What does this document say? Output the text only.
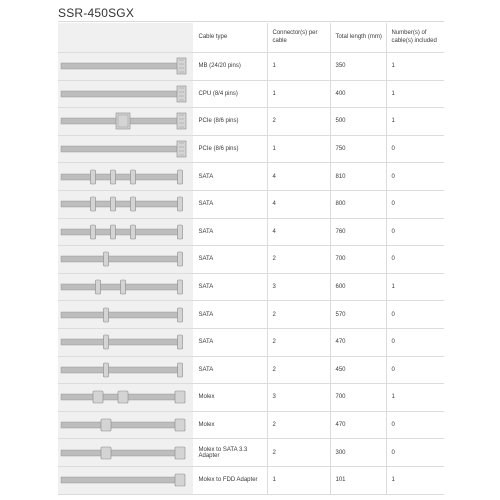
SSR-450SGX
	Cable type	Connector(s) per cable	Total length (mm)	Number(s) of cable(s) included

	MB (24/20 pins)	1	350	1

	CPU (8/4 pins)	1	400	1

	PCIe (8/6 pins)	2	500	1

	PCIe (8/6 pins)	1	750	0

	SATA	4	810	0

	SATA	4	800	0

	SATA	4	760	0

	SATA	2	700	0

	SATA	3	600	1

	SATA	2	570	0

	SATA	2	470	0

	SATA	2	450	0

	Molex	3	700	1

	Molex	2	470	0

	Molex to SATA 3.3 Adapter	2	300	0

	Molex to FDD Adapter	1	101	1
